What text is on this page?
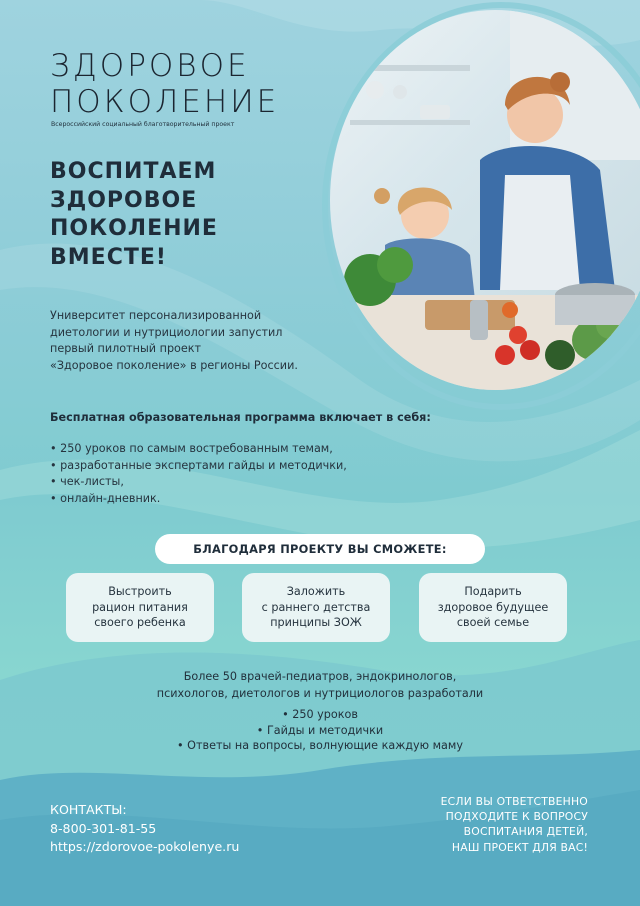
ЗДОРОВОЕ
ПОКОЛЕНИЕ
Всероссийский социальный благотворительный проект
ВОСПИТАЕМ
ЗДОРОВОЕ
ПОКОЛЕНИЕ
ВМЕСТЕ!
Университет персонализированной
диетологии и нутрициологии запустил
первый пилотный проект
«Здоровое поколение» в регионы России.
Бесплатная образовательная программа включает в себя:
• 250 уроков по самым востребованным темам,
• разработанные экспертами гайды и методички,
• чек-листы,
• онлайн-дневник.
БЛАГОДАРЯ ПРОЕКТУ ВЫ СМОЖЕТЕ:
Выстроить
рацион питания
своего ребенка
Заложить
с раннего детства
принципы ЗОЖ
Подарить
здоровое будущее
своей семье
Более 50 врачей-педиатров, эндокринологов,
психологов, диетологов и нутрициологов разработали
• 250 уроков
• Гайды и методички
• Ответы на вопросы, волнующие каждую маму
КОНТАКТЫ:
8-800-301-81-55
https://zdorovoe-pokolenye.ru
ЕСЛИ ВЫ ОТВЕТСТВЕННО
ПОДХОДИТЕ К ВОПРОСУ
ВОСПИТАНИЯ ДЕТЕЙ,
НАШ ПРОЕКТ ДЛЯ ВАС!
